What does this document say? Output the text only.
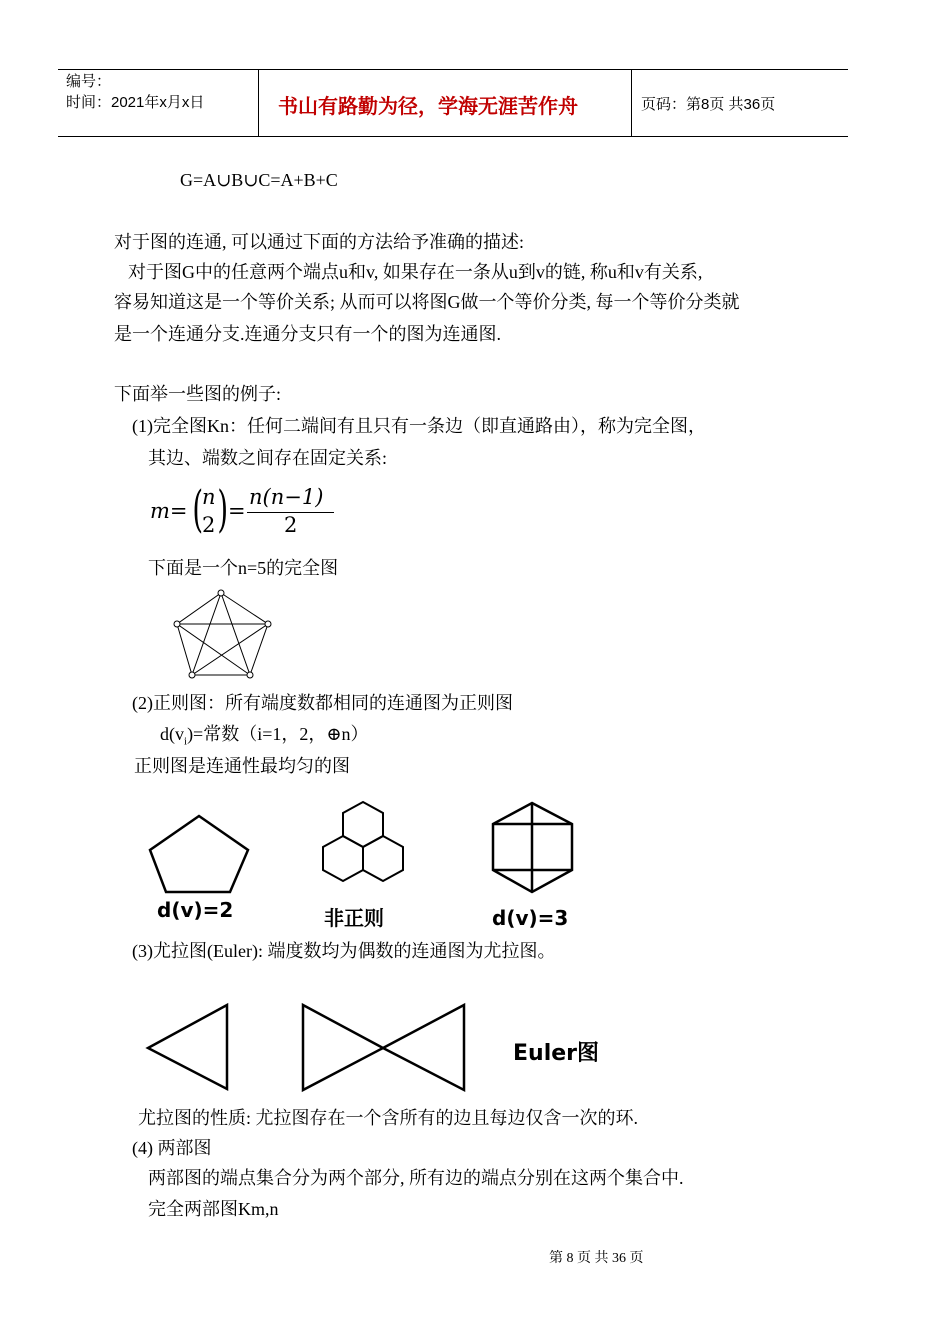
编号：
时间：2021年x月x日	书山有路勤为径，学海无涯苦作舟	页码：第8页 共36页
G=A∪B∪C=A+B+C
对于图的连通, 可以通过下面的方法给予准确的描述:
对于图G中的任意两个端点u和v, 如果存在一条从u到v的链, 称u和v有关系,
容易知道这是一个等价关系; 从而可以将图G做一个等价分类, 每一个等价分类就
是一个连通分支.连通分支只有一个的图为连通图.
下面举一些图的例子:
(1)完全图Kn：任何二端间有且只有一条边（即直通路由），称为完全图，
其边、端数之间存在固定关系:
m= (
n
2 ) =
n(n−1)
2
下面是一个n=5的完全图
(2)正则图：所有端度数都相同的连通图为正则图
$d(v_i)=$常数（i=1，2，⊕n）
正则图是连通性最均匀的图
d(v)=2	非正则	d(v)=3
(3)尤拉图(Euler): 端度数均为偶数的连通图为尤拉图。
Euler图
尤拉图的性质: 尤拉图存在一个含所有的边且每边仅含一次的环.
(4) 两部图
两部图的端点集合分为两个部分, 所有边的端点分别在这两个集合中.
完全两部图Km,n
第 8 页 共 36 页
